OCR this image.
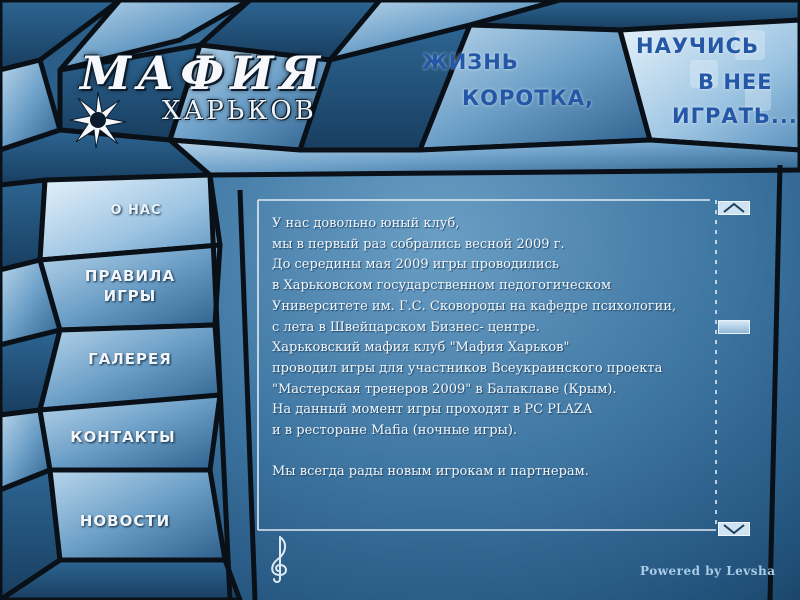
МАФИЯ
ХАРЬКОВ
ЖИЗНЬ
КОРОТКА,
НАУЧИСЬ
В НЕЕ
ИГРАТЬ...
О НАС
ПРАВИЛА
ИГРЫ
ГАЛЕРЕЯ
КОНТАКТЫ
НОВОСТИ

У нас довольно юный клуб,

мы в первый раз собрались весной 2009 г.

До середины мая 2009 игры проводились

в Харьковском государственном педогогическом

Университете им. Г.С. Сковороды на кафедре психологии,

с лета в Швейцарском Бизнес- центре.

Харьковский мафия клуб "Мафия Харьков"

проводил игры для участников Всеукраинского проекта

"Мастерская тренеров 2009" в Балаклаве (Крым).

На данный момент игры проходят в PC PLAZA

и в ресторане Mafia (ночные игры).

Мы всегда рады новым игрокам и партнерам.

Powered by Levsha
